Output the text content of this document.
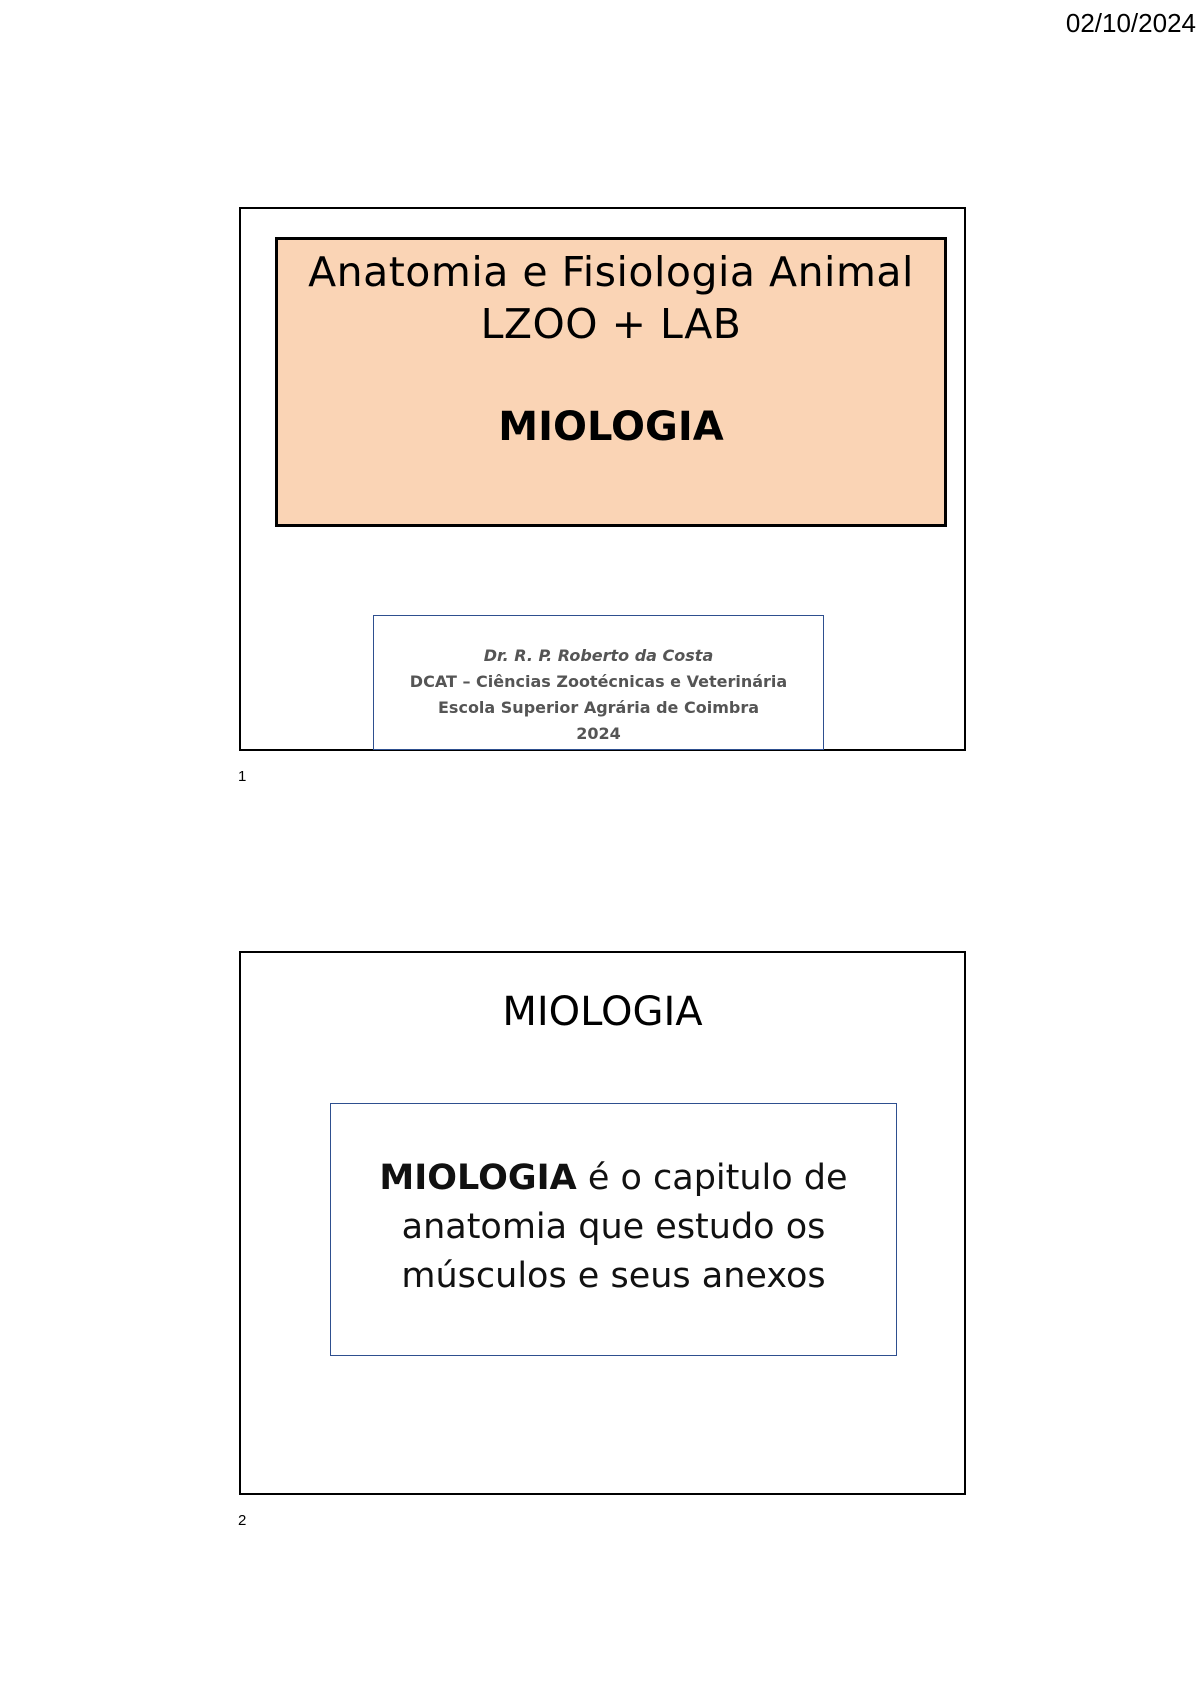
02/10/2024
Anatomia e Fisiologia Animal
LZOO + LAB
MIOLOGIA
Dr. R. P. Roberto da Costa
DCAT – Ciências Zootécnicas e Veterinária
Escola Superior Agrária de Coimbra
2024
1
MIOLOGIA
MIOLOGIA é o capitulo de
anatomia que estudo os
músculos e seus anexos
2
